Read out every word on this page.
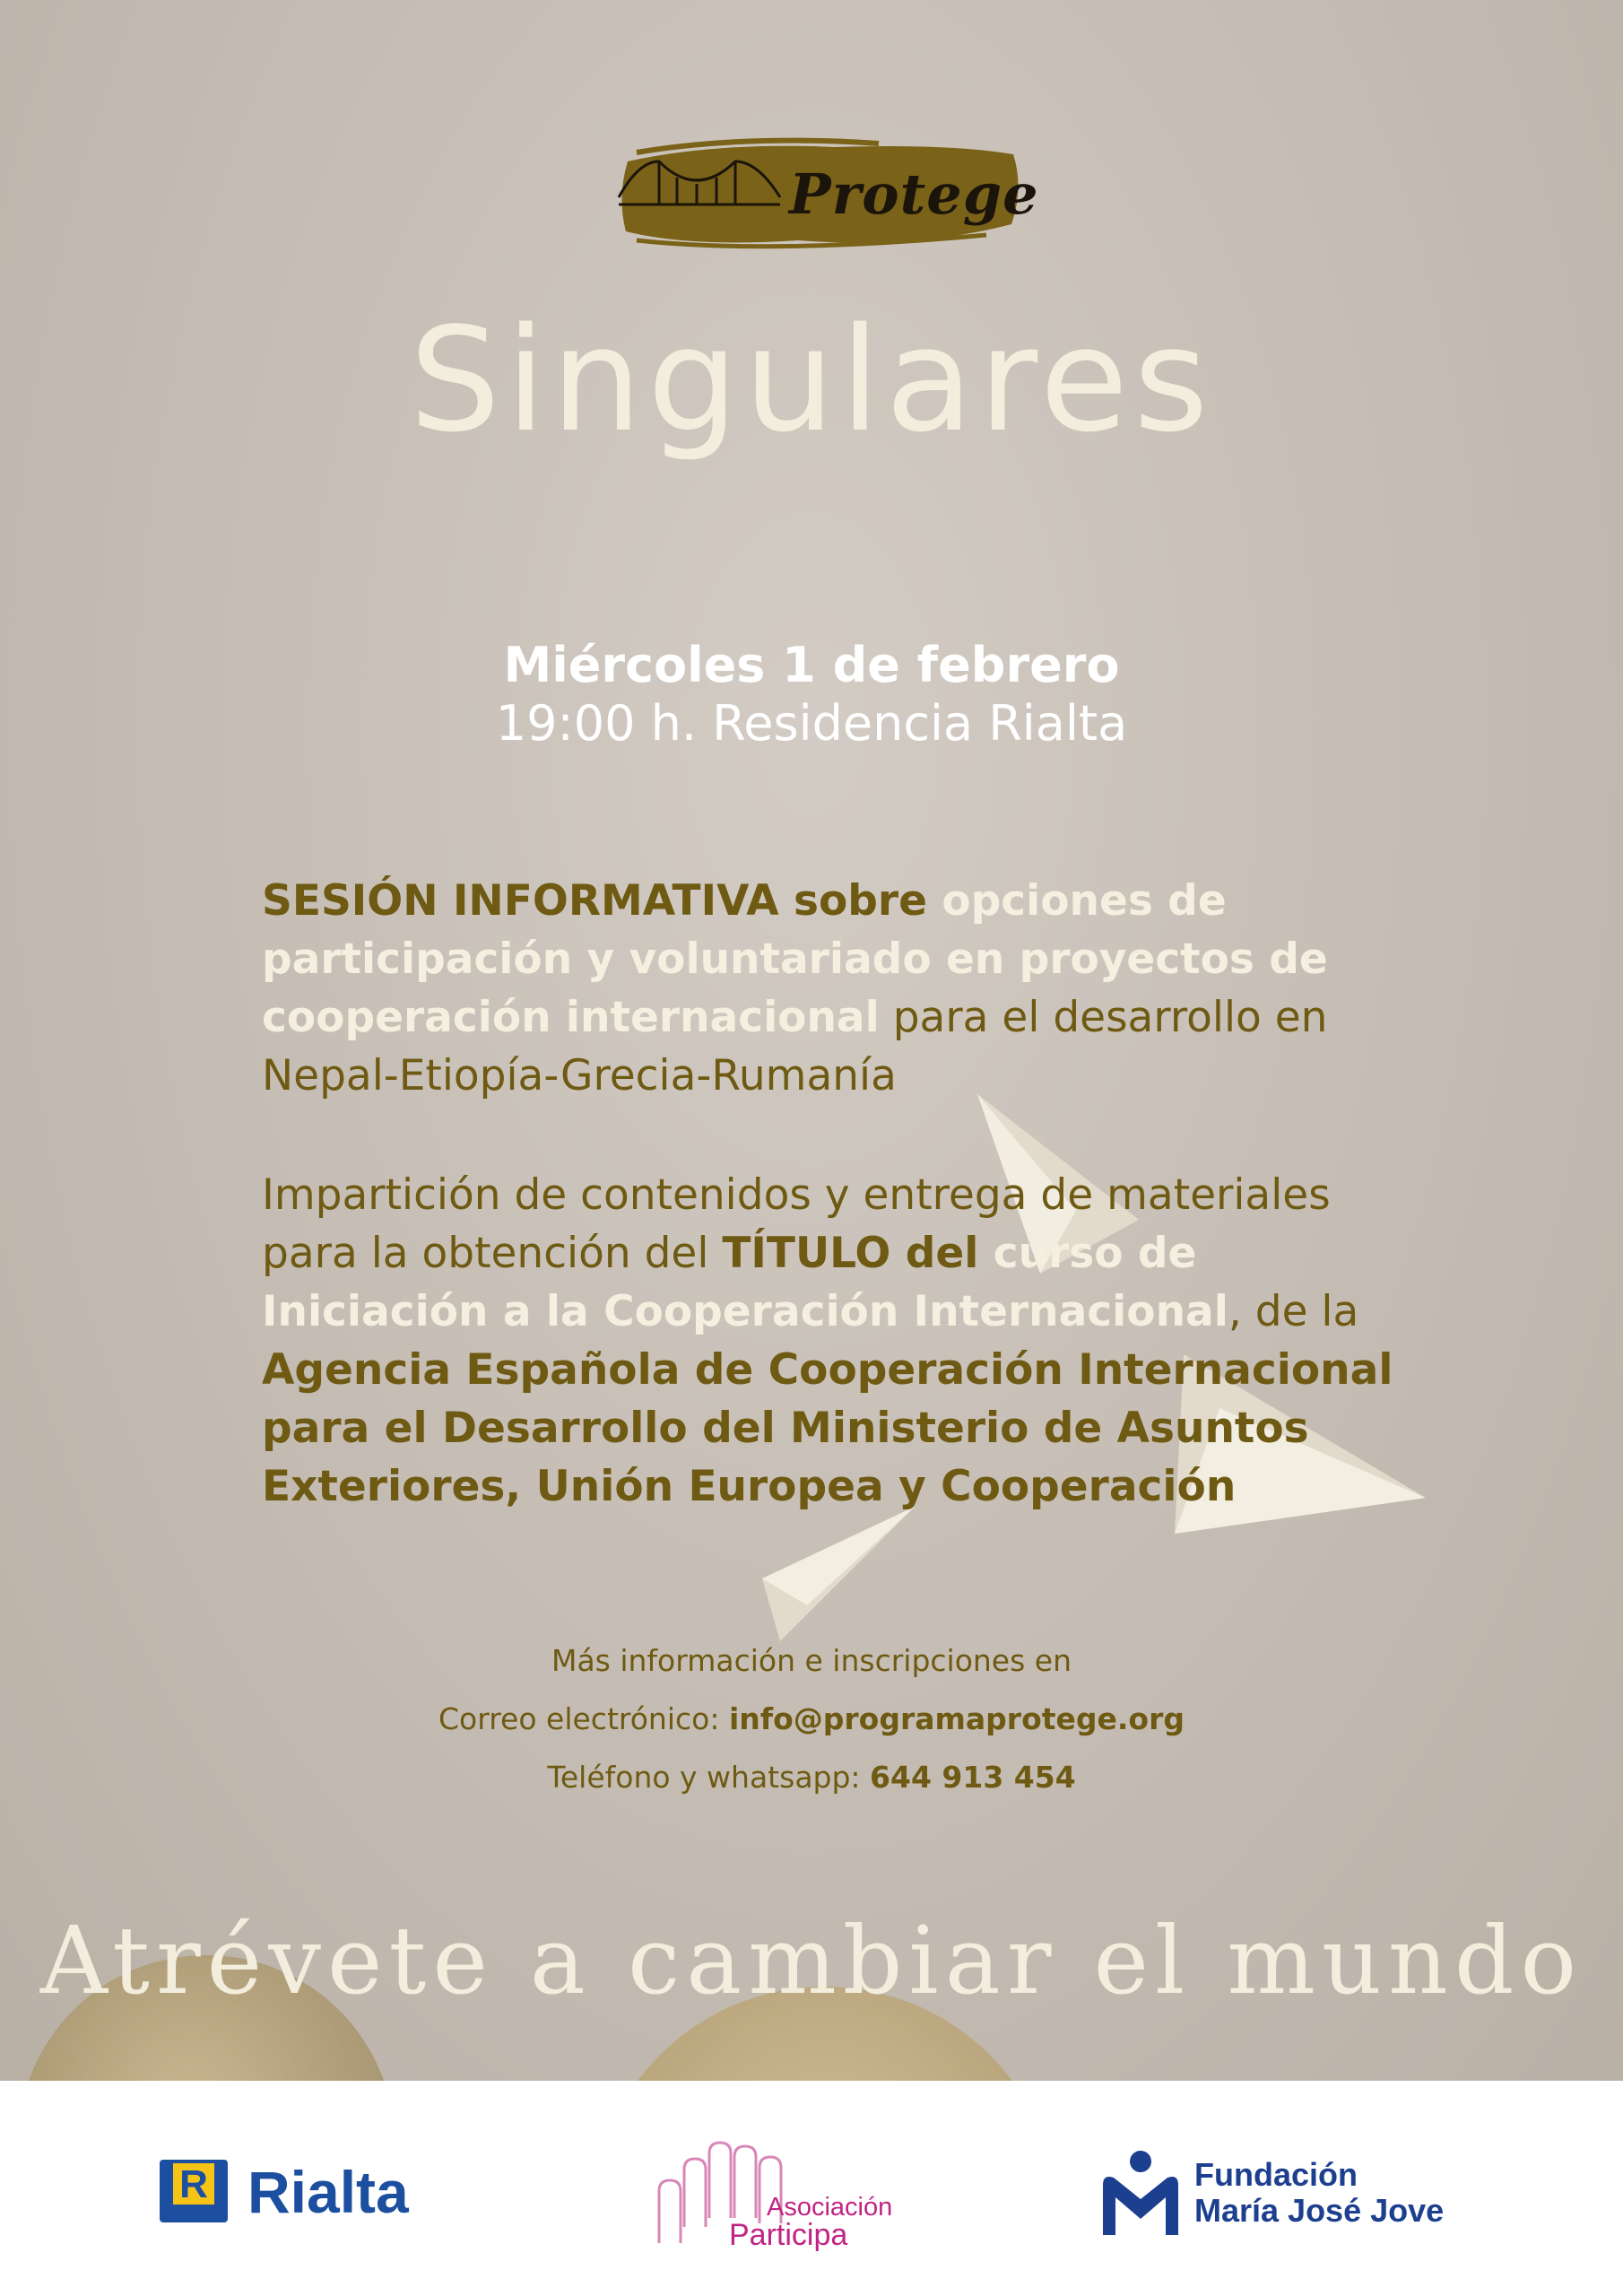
Protege
Singulares
Miércoles 1 de febrero
19:00 h. Residencia Rialta
SESIÓN INFORMATIVA sobre opciones de participación y voluntariado en proyectos de cooperación internacional para el desarrollo en Nepal-Etiopía-Grecia-Rumanía
Impartición de contenidos y entrega de materiales para la obtención del TÍTULO del curso de Iniciación a la Cooperación Internacional, de la Agencia Española de Cooperación Internacional para el Desarrollo del Ministerio de Asuntos Exteriores, Unión Europea y Cooperación
Más información e inscripciones en
Correo electrónico: info@programaprotege.org
Teléfono y whatsapp: 644 913 454
Atrévete a cambiar el mundo
R Rialta	Asociación
Participa
Fundación
María José Jove
